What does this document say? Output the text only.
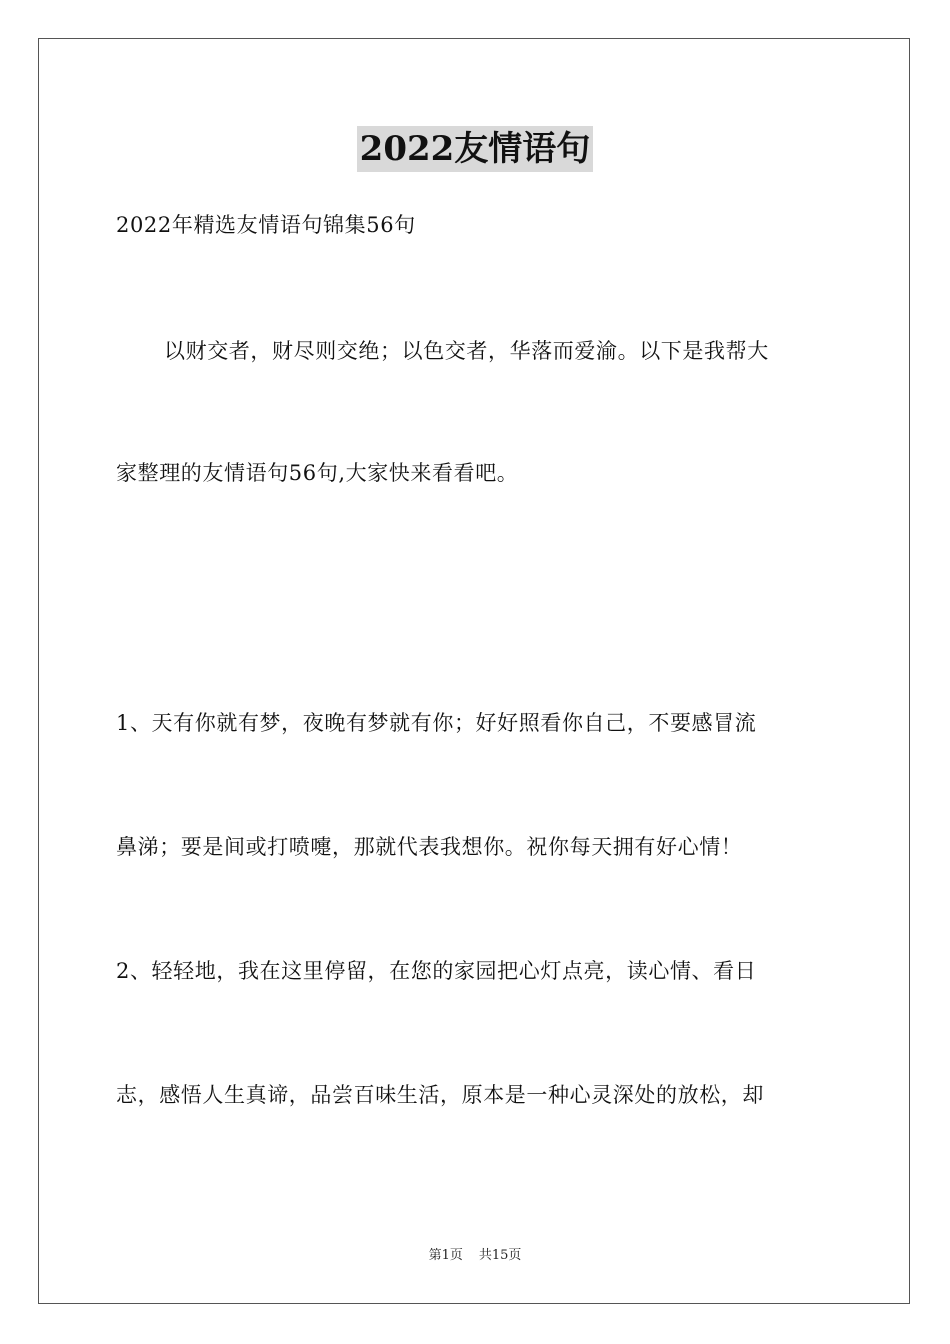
2022友情语句
2022年精选友情语句锦集56句
以财交者，财尽则交绝；以色交者，华落而爱渝。以下是我帮大
家整理的友情语句56句,大家快来看看吧。
1、天有你就有梦，夜晚有梦就有你；好好照看你自己，不要感冒流
鼻涕；要是间或打喷嚏，那就代表我想你。祝你每天拥有好心情！
2、轻轻地，我在这里停留，在您的家园把心灯点亮，读心情、看日
志，感悟人生真谛，品尝百味生活，原本是一种心灵深处的放松，却
第1页 共15页
